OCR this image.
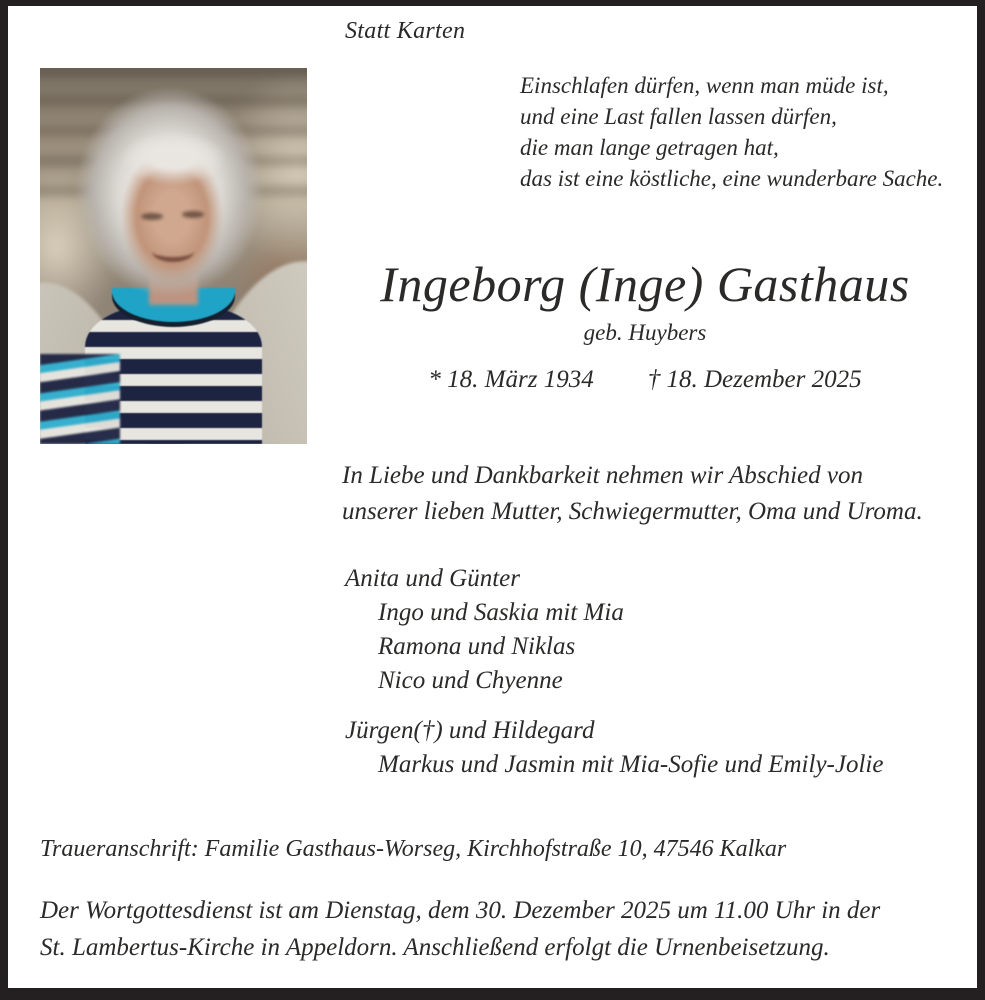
Statt Karten
Einschlafen dürfen, wenn man müde ist,
und eine Last fallen lassen dürfen,
die man lange getragen hat,
das ist eine köstliche, eine wunderbare Sache.
Ingeborg (Inge) Gasthaus
geb. Huybers
* 18. März 1934 † 18. Dezember 2025
In Liebe und Dankbarkeit nehmen wir Abschied von
unserer lieben Mutter, Schwiegermutter, Oma und Uroma.
Anita und Günter
Ingo und Saskia mit Mia
Ramona und Niklas
Nico und Chyenne
Jürgen(†) und Hildegard
Markus und Jasmin mit Mia-Sofie und Emily-Jolie
Traueranschrift: Familie Gasthaus-Worseg, Kirchhofstraße 10, 47546 Kalkar
Der Wortgottesdienst ist am Dienstag, dem 30. Dezember 2025 um 11.00 Uhr in der
St. Lambertus-Kirche in Appeldorn. Anschließend erfolgt die Urnenbeisetzung.
